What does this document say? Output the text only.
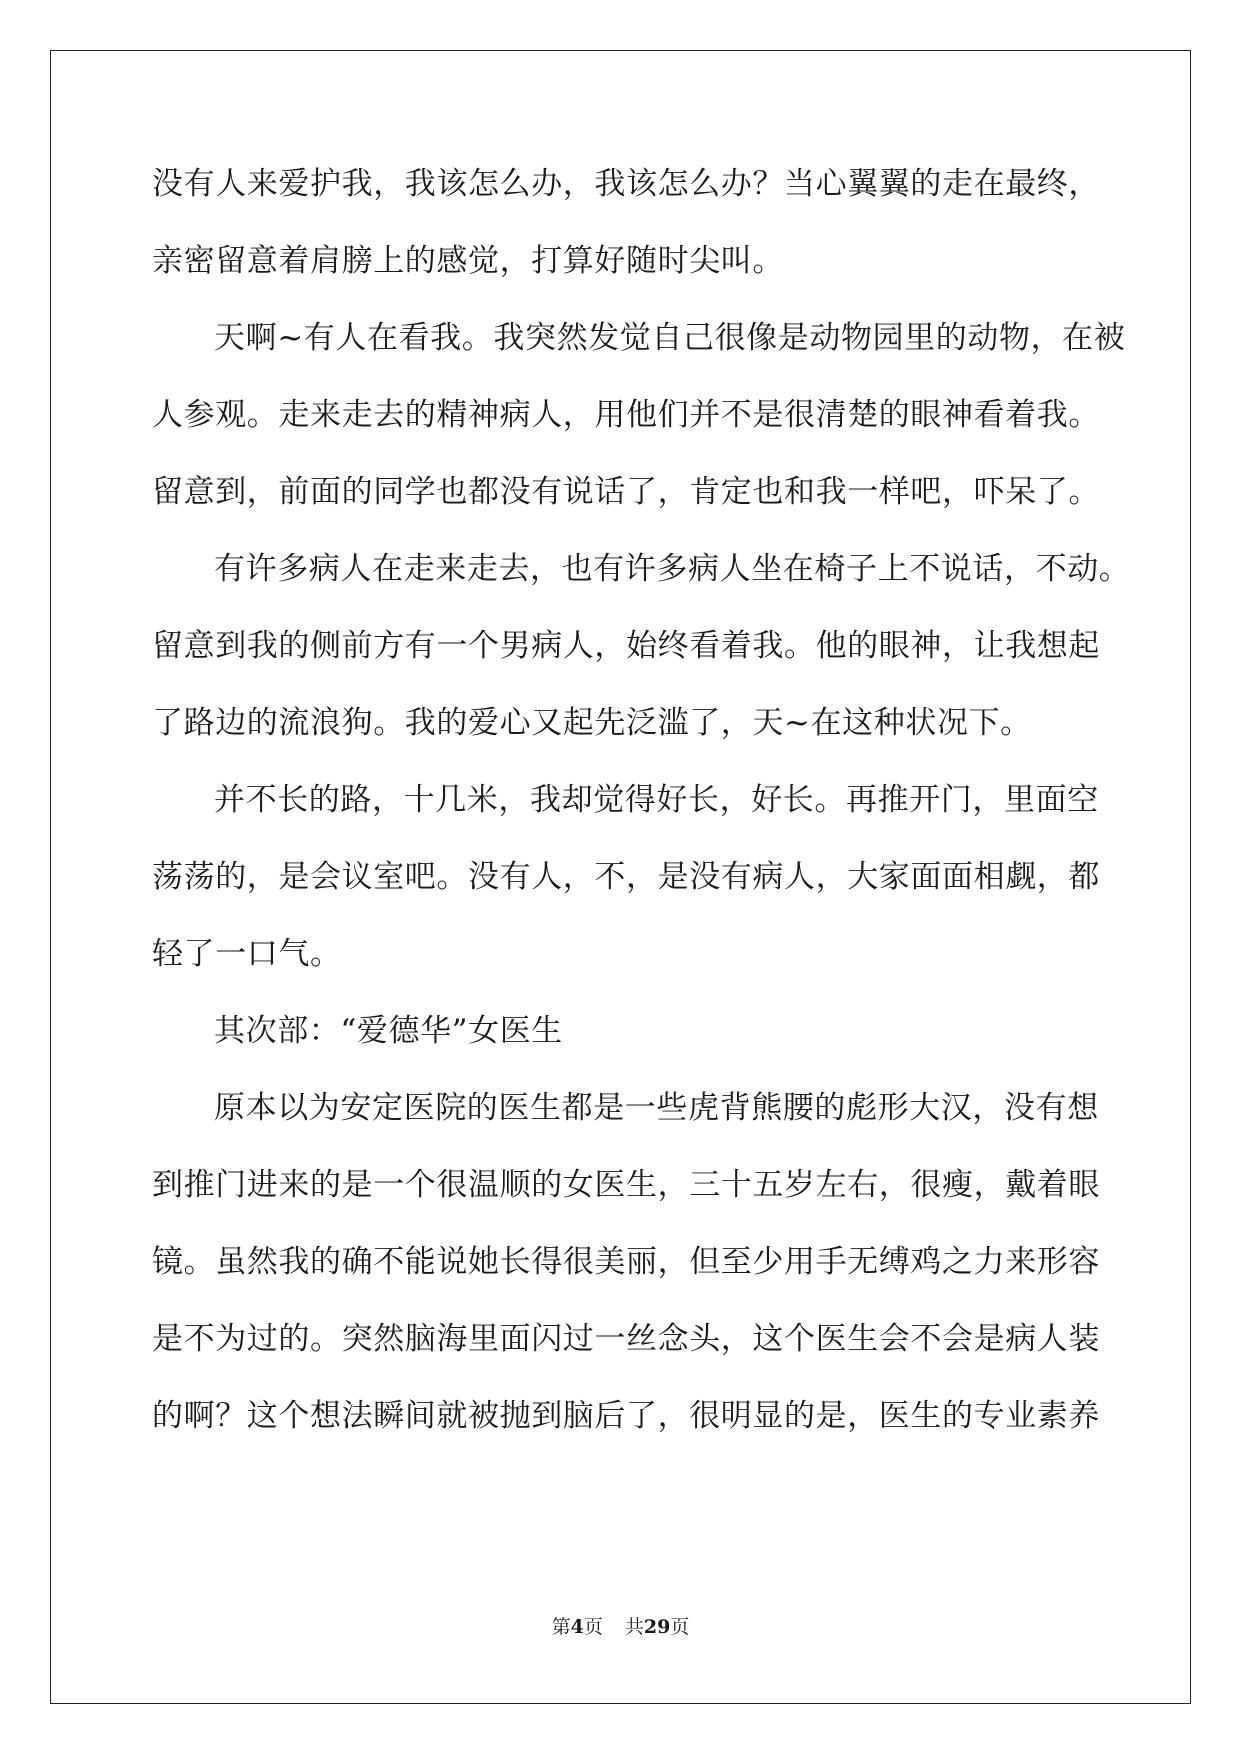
没有人来爱护我，我该怎么办，我该怎么办？当心翼翼的走在最终，
亲密留意着肩膀上的感觉，打算好随时尖叫。
天啊~有人在看我。我突然发觉自己很像是动物园里的动物，在被
人参观。走来走去的精神病人，用他们并不是很清楚的眼神看着我。
留意到，前面的同学也都没有说话了，肯定也和我一样吧，吓呆了。
有许多病人在走来走去，也有许多病人坐在椅子上不说话，不动。
留意到我的侧前方有一个男病人，始终看着我。他的眼神，让我想起
了路边的流浪狗。我的爱心又起先泛滥了，天~在这种状况下。
并不长的路，十几米，我却觉得好长，好长。再推开门，里面空
荡荡的，是会议室吧。没有人，不，是没有病人，大家面面相觑，都
轻了一口气。
其次部：“爱德华”女医生
原本以为安定医院的医生都是一些虎背熊腰的彪形大汉，没有想
到推门进来的是一个很温顺的女医生，三十五岁左右，很瘦，戴着眼
镜。虽然我的确不能说她长得很美丽，但至少用手无缚鸡之力来形容
是不为过的。突然脑海里面闪过一丝念头，这个医生会不会是病人装
的啊？这个想法瞬间就被抛到脑后了，很明显的是，医生的专业素养
第4页 共29页
